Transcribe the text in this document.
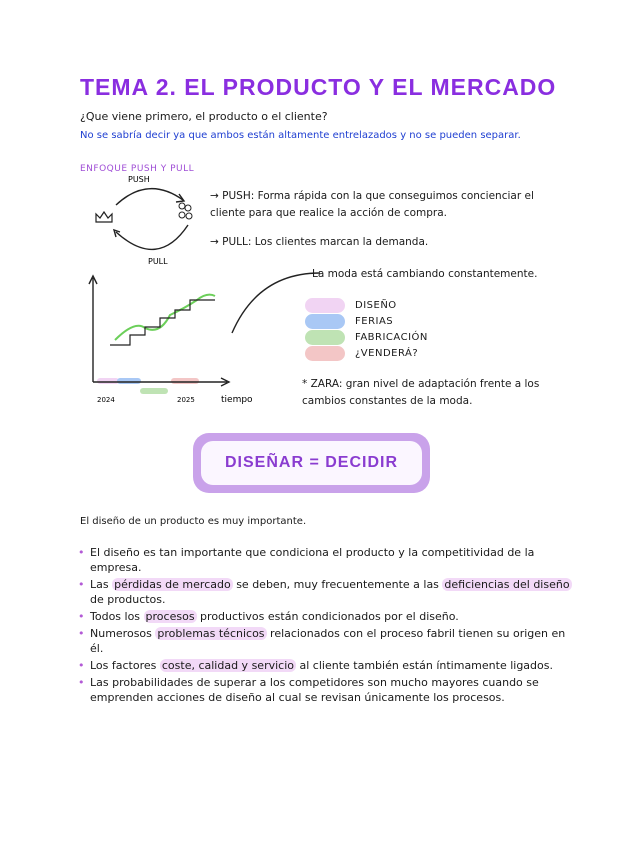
TEMA 2. EL PRODUCTO Y EL MERCADO
¿Que viene primero, el producto o el cliente?
No se sabría decir ya que ambos están altamente entrelazados y no se pueden separar.
ENFOQUE PUSH Y PULL
PUSH
PULL
→ PUSH: Forma rápida con la que conseguimos concienciar el cliente para que realice la acción de compra.
→ PULL: Los clientes marcan la demanda.
2024	2025	tiempo
La moda está cambiando constantemente.
DISEÑO
FERIAS
FABRICACIÓN
¿VENDERÁ?
* ZARA: gran nivel de adaptación frente a los cambios constantes de la moda.
DISEÑAR = DECIDIR
El diseño de un producto es muy importante.
• El diseño es tan importante que condiciona el producto y la competitividad de la empresa.
• Las pérdidas de mercado se deben, muy frecuentemente a las deficiencias del diseño de productos.
• Todos los procesos productivos están condicionados por el diseño.
• Numerosos problemas técnicos relacionados con el proceso fabril tienen su origen en él.
• Los factores coste, calidad y servicio al cliente también están íntimamente ligados.
• Las probabilidades de superar a los competidores son mucho mayores cuando se emprenden acciones de diseño al cual se revisan únicamente los procesos.
